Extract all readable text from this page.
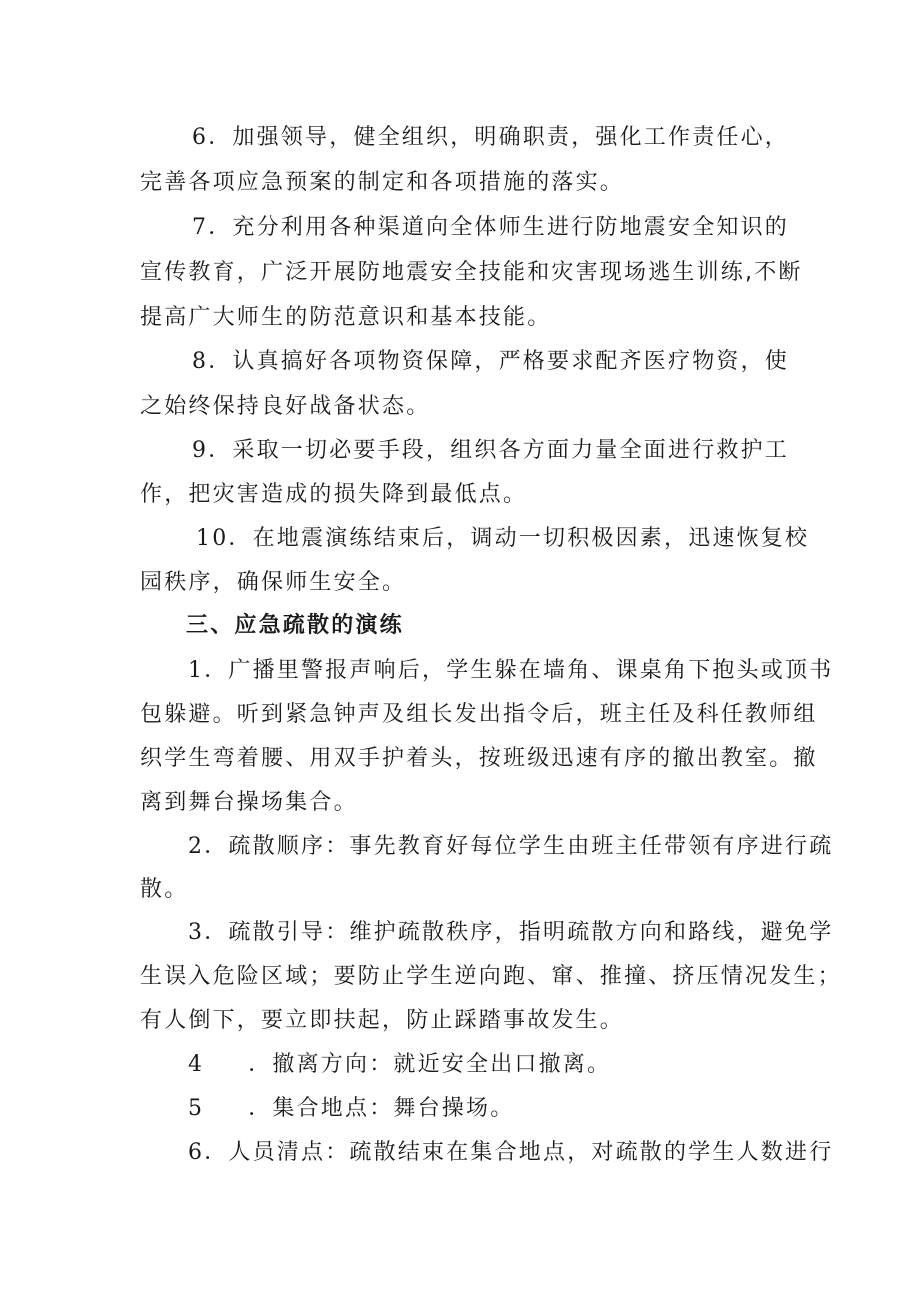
6．加强领导，健全组织，明确职责，强化工作责任心，
完善各项应急预案的制定和各项措施的落实。
7．充分利用各种渠道向全体师生进行防地震安全知识的
宣传教育，广泛开展防地震安全技能和灾害现场逃生训练,不断
提高广大师生的防范意识和基本技能。
8．认真搞好各项物资保障，严格要求配齐医疗物资，使
之始终保持良好战备状态。
9．采取一切必要手段，组织各方面力量全面进行救护工
作，把灾害造成的损失降到最低点。
10．在地震演练结束后，调动一切积极因素，迅速恢复校
园秩序，确保师生安全。
三、应急疏散的演练
1．广播里警报声响后，学生躲在墙角、课桌角下抱头或顶书
包躲避。听到紧急钟声及组长发出指令后，班主任及科任教师组
织学生弯着腰、用双手护着头，按班级迅速有序的撤出教室。撤
离到舞台操场集合。
2．疏散顺序：事先教育好每位学生由班主任带领有序进行疏
散。
3．疏散引导：维护疏散秩序，指明疏散方向和路线，避免学
生误入危险区域；要防止学生逆向跑、窜、推撞、挤压情况发生；
有人倒下，要立即扶起，防止踩踏事故发生。
4 ．撤离方向：就近安全出口撤离。
5 ．集合地点：舞台操场。
6．人员清点：疏散结束在集合地点，对疏散的学生人数进行
